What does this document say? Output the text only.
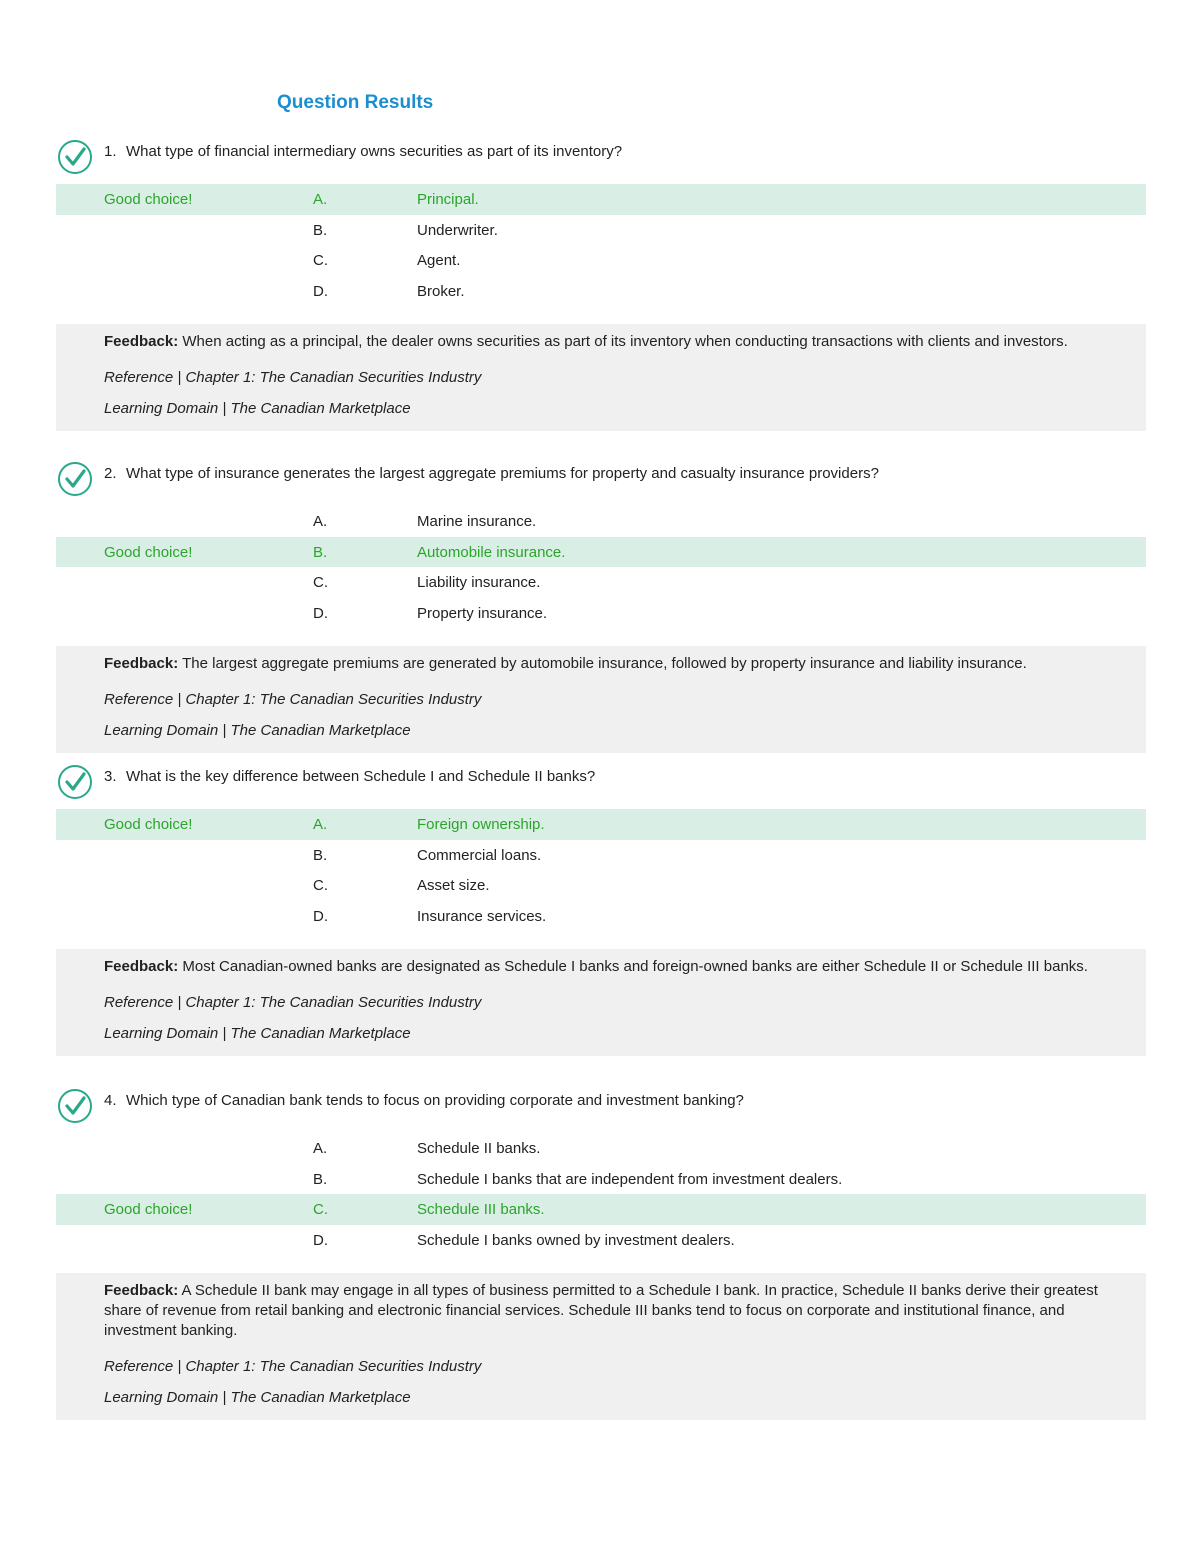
Question Results
1. What type of financial intermediary owns securities as part of its inventory?
Good choice!	A.	Principal.
B.	Underwriter.
C.	Agent.
D.	Broker.
Feedback: When acting as a principal, the dealer owns securities as part of its inventory when conducting transactions with clients and investors.
Reference | Chapter 1: The Canadian Securities Industry
Learning Domain | The Canadian Marketplace
2. What type of insurance generates the largest aggregate premiums for property and casualty insurance providers?
A.	Marine insurance.
Good choice!	B.	Automobile insurance.
C.	Liability insurance.
D.	Property insurance.
Feedback: The largest aggregate premiums are generated by automobile insurance, followed by property insurance and liability insurance.
Reference | Chapter 1: The Canadian Securities Industry
Learning Domain | The Canadian Marketplace
3. What is the key difference between Schedule I and Schedule II banks?
Good choice!	A.	Foreign ownership.
B.	Commercial loans.
C.	Asset size.
D.	Insurance services.
Feedback: Most Canadian-owned banks are designated as Schedule I banks and foreign-owned banks are either Schedule II or Schedule III banks.
Reference | Chapter 1: The Canadian Securities Industry
Learning Domain | The Canadian Marketplace
4. Which type of Canadian bank tends to focus on providing corporate and investment banking?
A.	Schedule II banks.
B.	Schedule I banks that are independent from investment dealers.
Good choice!	C.	Schedule III banks.
D.	Schedule I banks owned by investment dealers.
Feedback: A Schedule II bank may engage in all types of business permitted to a Schedule I bank. In practice, Schedule II banks derive their greatest share of revenue from retail banking and electronic financial services. Schedule III banks tend to focus on corporate and institutional finance, and investment banking.
Reference | Chapter 1: The Canadian Securities Industry
Learning Domain | The Canadian Marketplace
